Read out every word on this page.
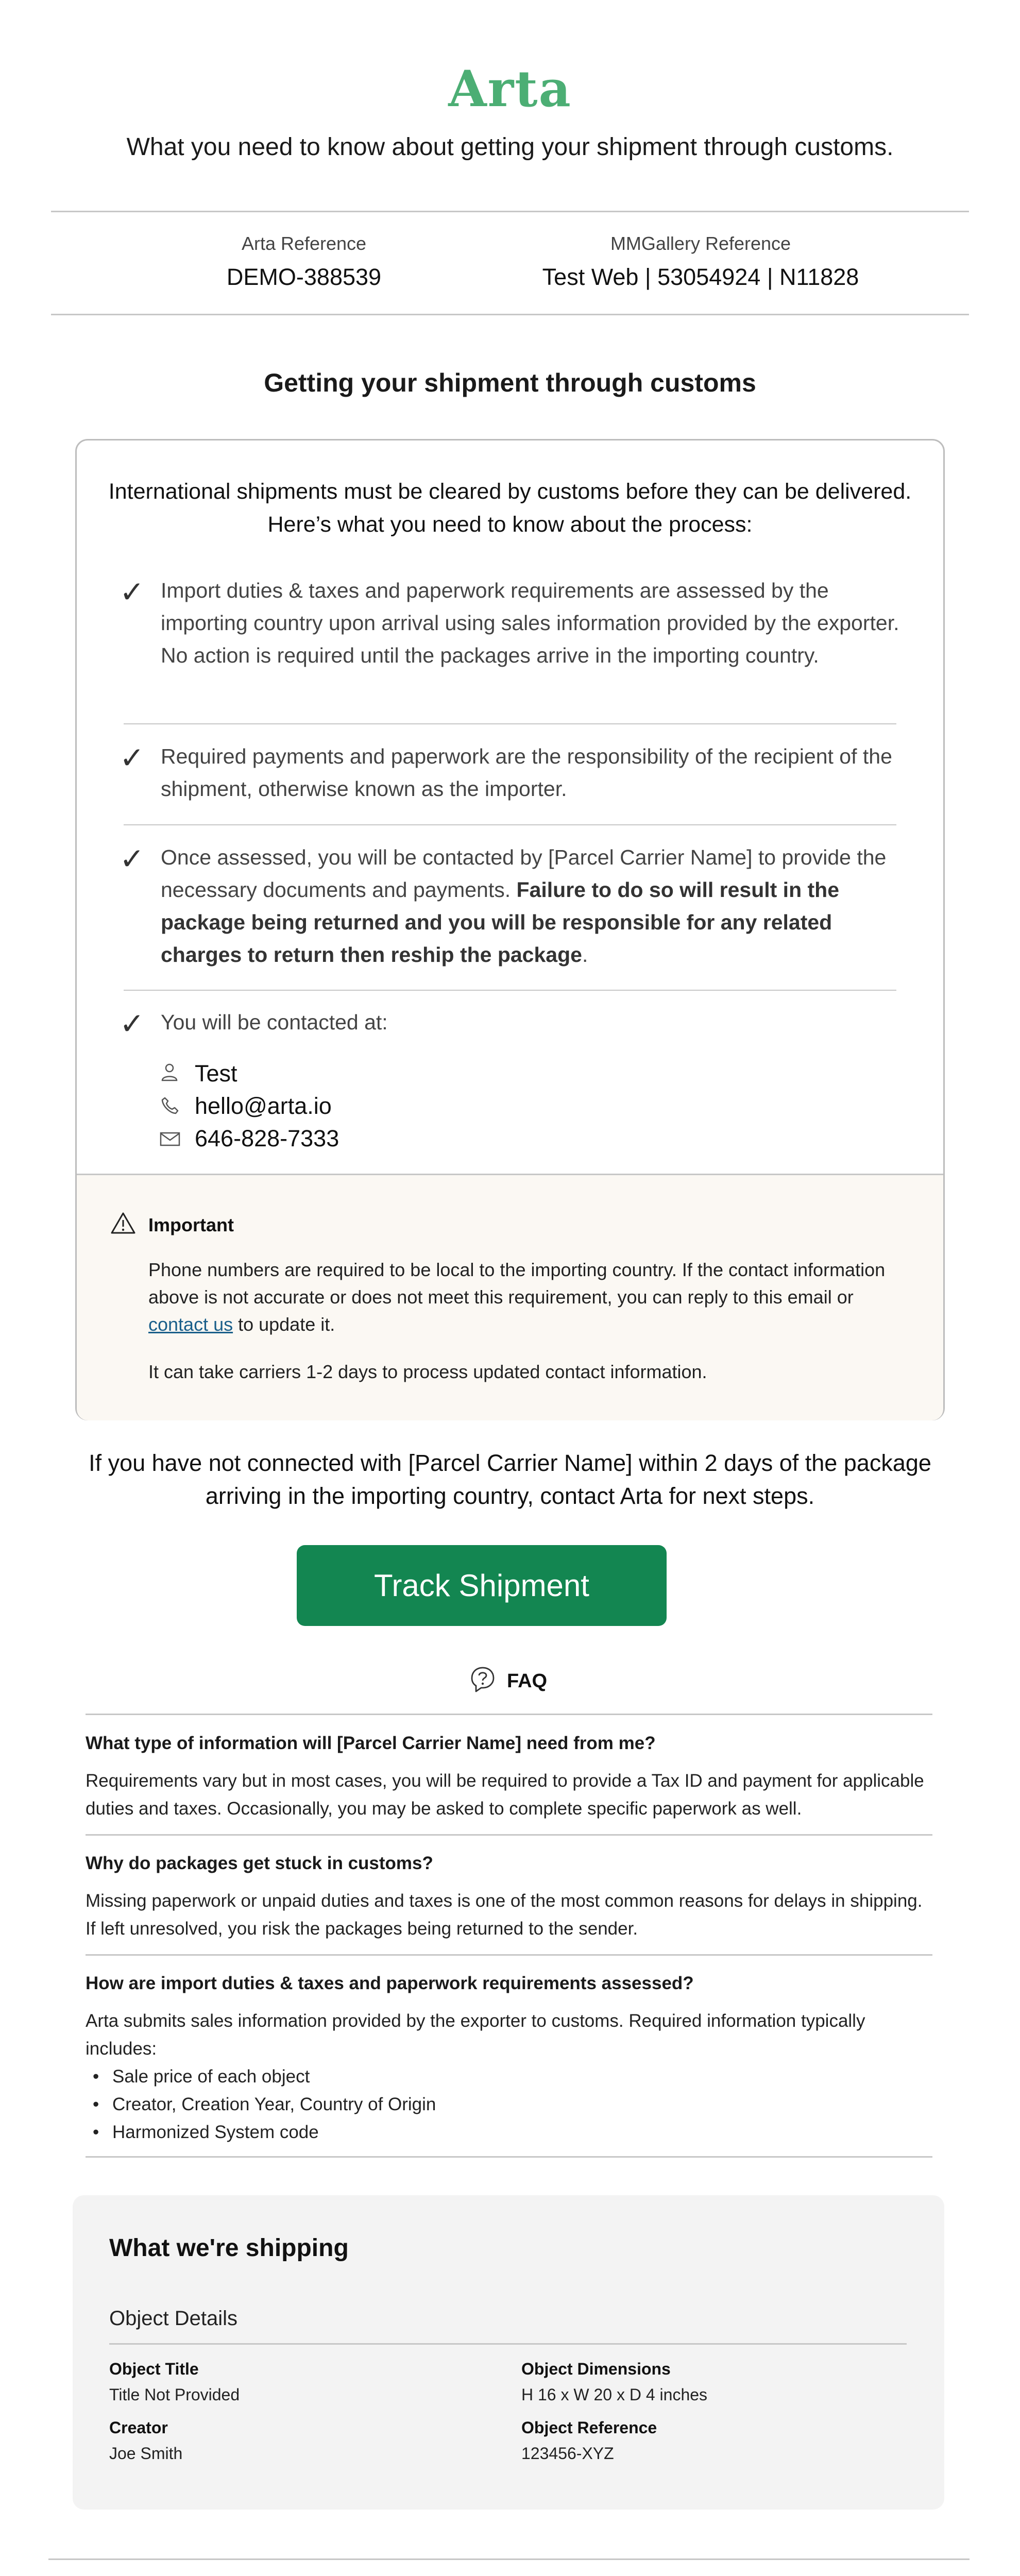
Arta
What you need to know about getting your shipment through customs.
Arta Reference
DEMO-388539
MMGallery Reference
Test Web | 53054924 | N11828
Getting your shipment through customs
International shipments must be cleared by customs before they can be delivered. Here’s what you need to know about the process:
✓ Import duties & taxes and paperwork requirements are assessed by the importing country upon arrival using sales information provided by the exporter. No action is required until the packages arrive in the importing country.
✓ Required payments and paperwork are the responsibility of the recipient of the shipment, otherwise known as the importer.
✓ Once assessed, you will be contacted by [Parcel Carrier Name] to provide the necessary documents and payments. Failure to do so will result in the package being returned and you will be responsible for any related charges to return then reship the package.
✓ You will be contacted at:
Test
hello@arta.io
646-828-7333
Important
Phone numbers are required to be local to the importing country. If the contact information above is not accurate or does not meet this requirement, you can reply to this email or contact us to update it.
It can take carriers 1-2 days to process updated contact information.
If you have not connected with [Parcel Carrier Name] within 2 days of the package arriving in the importing country, contact Arta for next steps.
Track Shipment
FAQ
What type of information will [Parcel Carrier Name] need from me?
Requirements vary but in most cases, you will be required to provide a Tax ID and payment for applicable duties and taxes. Occasionally, you may be asked to complete specific paperwork as well.
Why do packages get stuck in customs?
Missing paperwork or unpaid duties and taxes is one of the most common reasons for delays in shipping. If left unresolved, you risk the packages being returned to the sender.
How are import duties & taxes and paperwork requirements assessed?
Arta submits sales information provided by the exporter to customs. Required information typically includes:
• Sale price of each object
• Creator, Creation Year, Country of Origin
• Harmonized System code
What we're shipping
Object Details
Object Title
Title Not Provided
Object Dimensions
H 16 x W 20 x D 4 inches
Creator
Joe Smith
Object Reference
123456-XYZ
